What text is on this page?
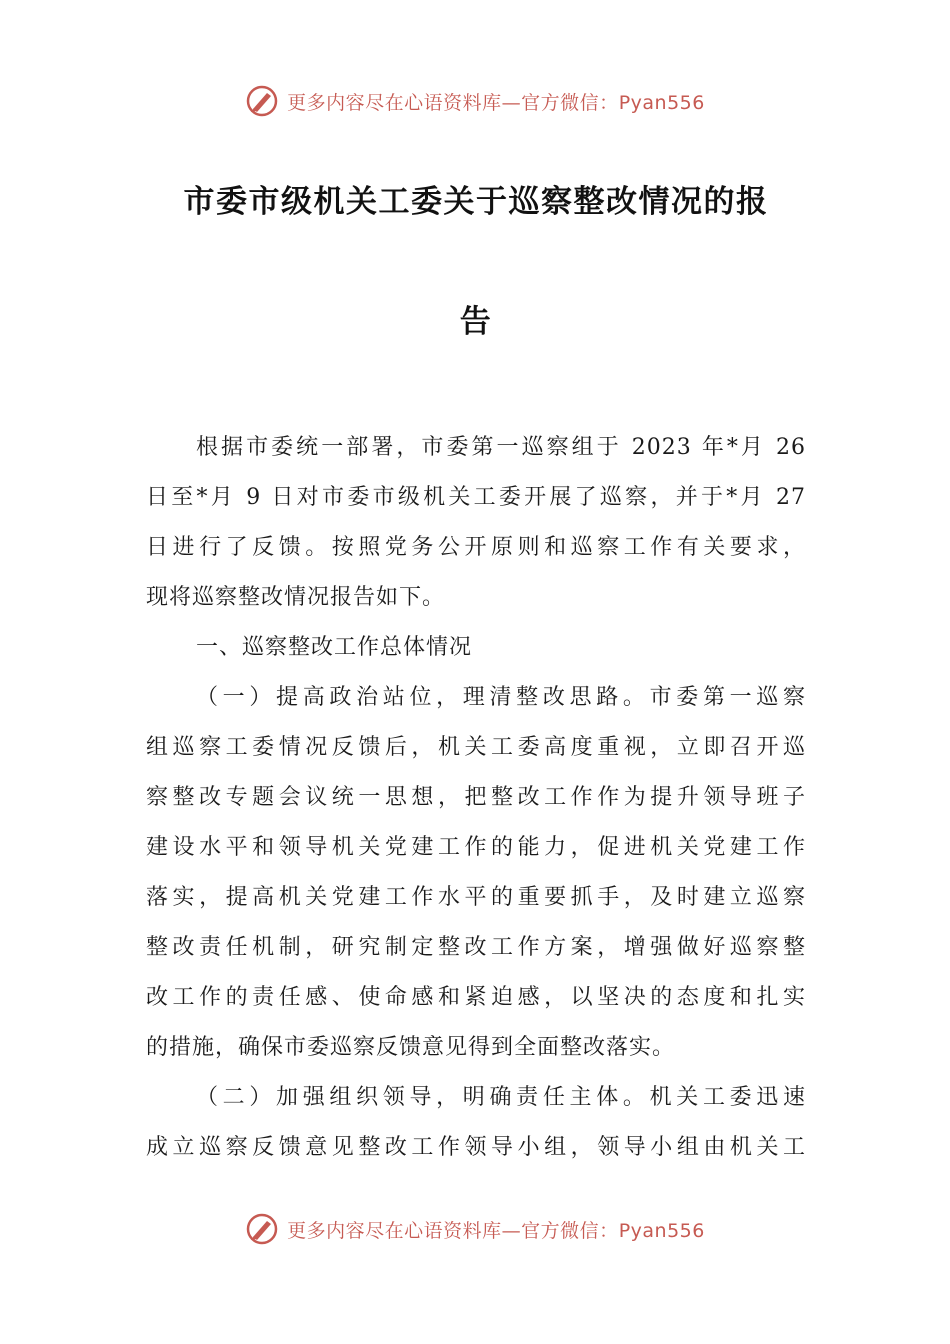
更多内容尽在心语资料库—官方微信：Pyan556
市委市级机关工委关于巡察整改情况的报
告
根据市委统一部署，市委第一巡察组于 2023 年*月 26
日至*月 9 日对市委市级机关工委开展了巡察，并于*月 27
日进行了反馈。按照党务公开原则和巡察工作有关要求，
现将巡察整改情况报告如下。
一、巡察整改工作总体情况
（一）提高政治站位，理清整改思路。市委第一巡察
组巡察工委情况反馈后，机关工委高度重视，立即召开巡
察整改专题会议统一思想，把整改工作作为提升领导班子
建设水平和领导机关党建工作的能力，促进机关党建工作
落实，提高机关党建工作水平的重要抓手，及时建立巡察
整改责任机制，研究制定整改工作方案，增强做好巡察整
改工作的责任感、使命感和紧迫感，以坚决的态度和扎实
的措施，确保市委巡察反馈意见得到全面整改落实。
（二）加强组织领导，明确责任主体。机关工委迅速
成立巡察反馈意见整改工作领导小组，领导小组由机关工
更多内容尽在心语资料库—官方微信：Pyan556
